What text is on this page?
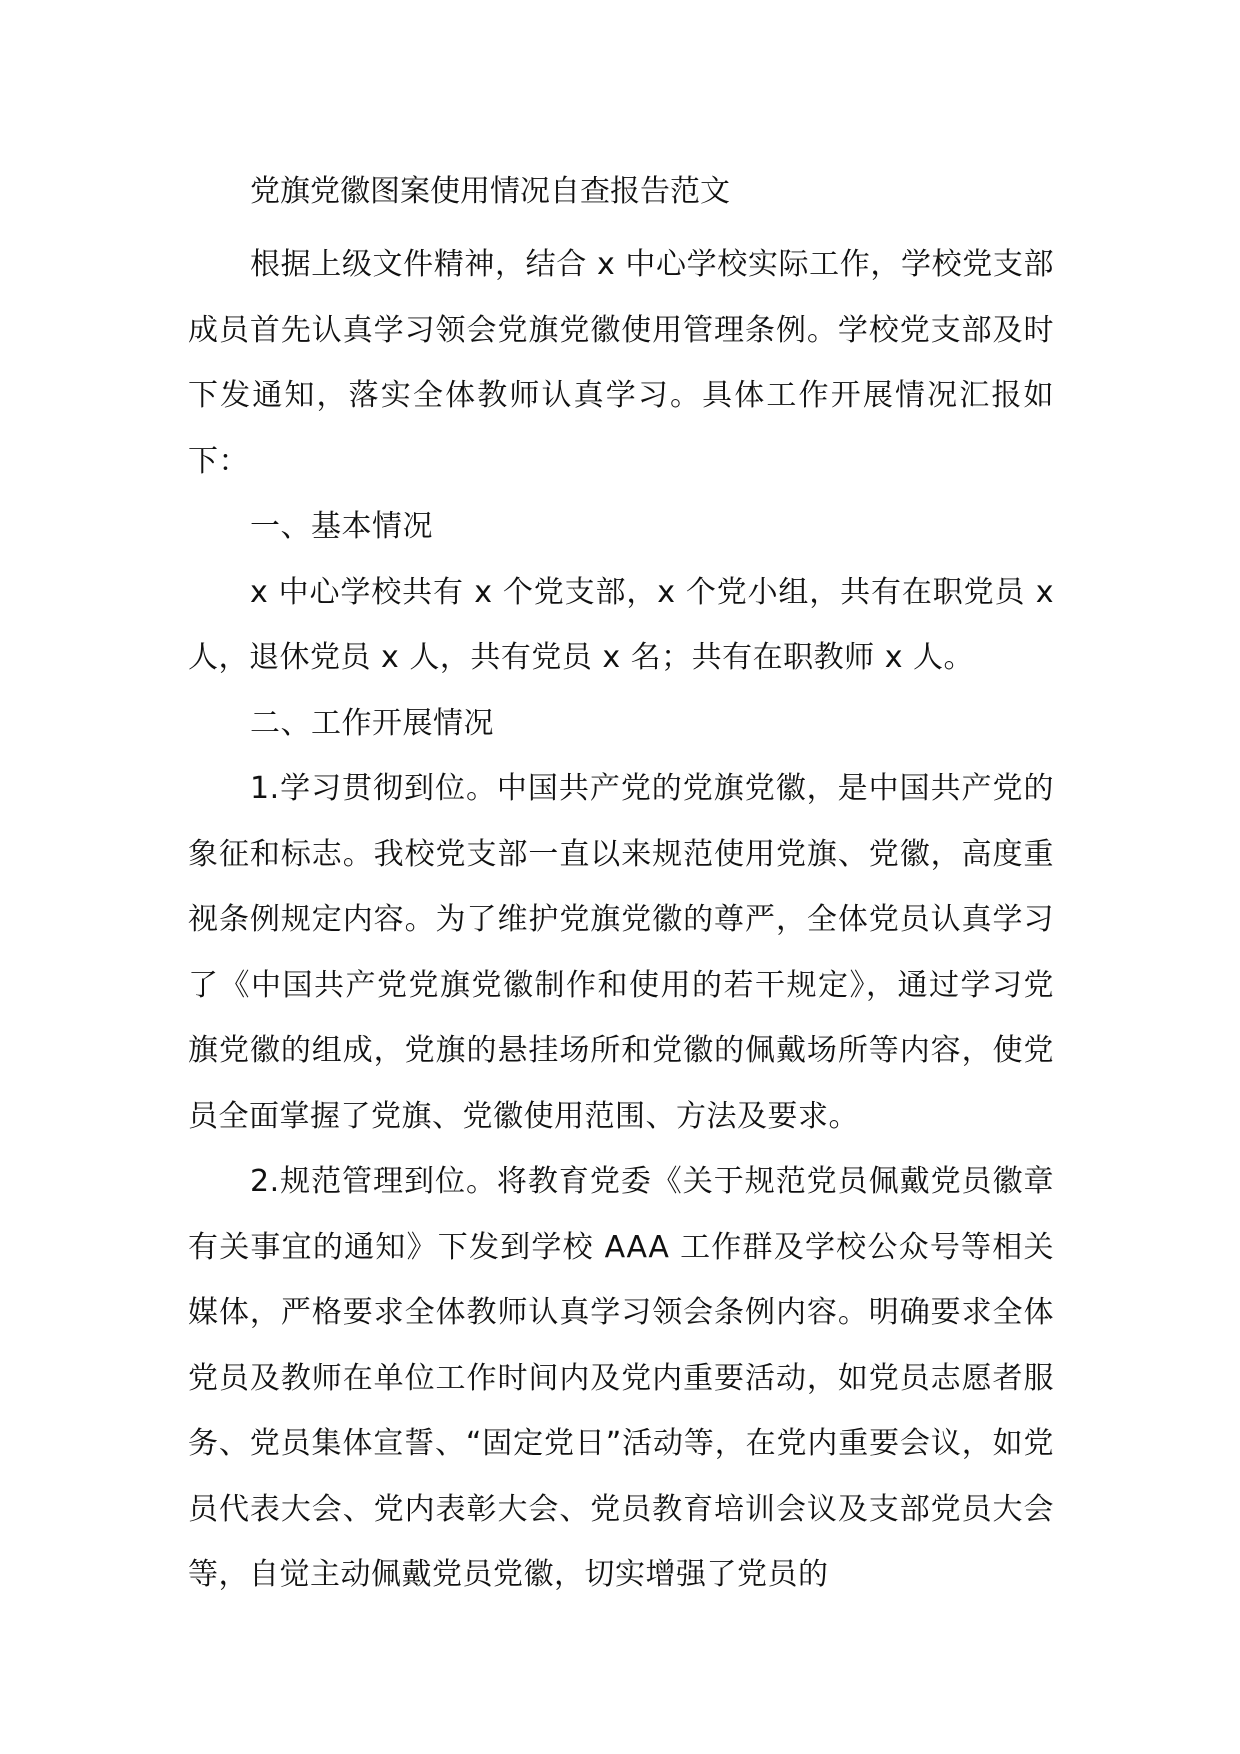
党旗党徽图案使用情况自查报告范文

根据上级文件精神，结合 x 中心学校实际工作，学校党支部成员首先认真学习领会党旗党徽使用管理条例。学校党支部及时下发通知，落实全体教师认真学习。具体工作开展情况汇报如下：

一、基本情况

x 中心学校共有 x 个党支部，x 个党小组，共有在职党员 x 人，退休党员 x 人，共有党员 x 名；共有在职教师 x 人。

二、工作开展情况

1.学习贯彻到位。中国共产党的党旗党徽，是中国共产党的象征和标志。我校党支部一直以来规范使用党旗、党徽，高度重视条例规定内容。为了维护党旗党徽的尊严，全体党员认真学习了《中国共产党党旗党徽制作和使用的若干规定》，通过学习党旗党徽的组成，党旗的悬挂场所和党徽的佩戴场所等内容，使党员全面掌握了党旗、党徽使用范围、方法及要求。

2.规范管理到位。将教育党委《关于规范党员佩戴党员徽章有关事宜的通知》下发到学校 AAA 工作群及学校公众号等相关媒体，严格要求全体教师认真学习领会条例内容。明确要求全体党员及教师在单位工作时间内及党内重要活动，如党员志愿者服务、党员集体宣誓、“固定党日”活动等，在党内重要会议，如党员代表大会、党内表彰大会、党员教育培训会议及支部党员大会等，自觉主动佩戴党员党徽，切实增强了党员的
